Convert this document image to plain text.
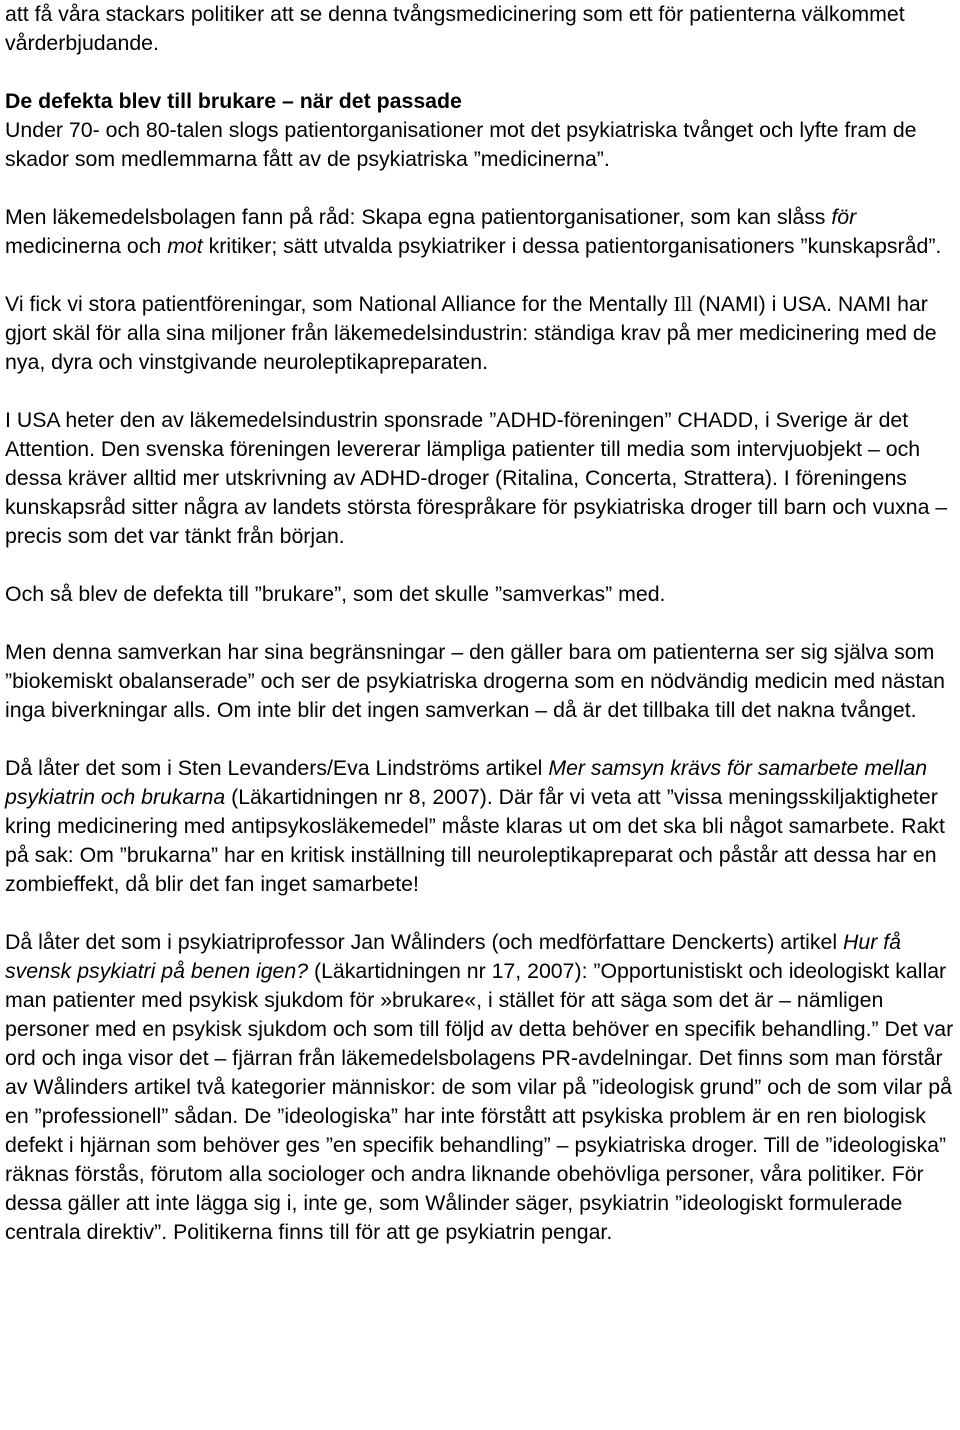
att få våra stackars politiker att se denna tvångsmedicinering som ett för patienterna välkommet vårderbjudande.

De defekta blev till brukare – när det passade

Under 70- och 80-talen slogs patientorganisationer mot det psykiatriska tvånget och lyfte fram de skador som medlemmarna fått av de psykiatriska ”medicinerna”.

Men läkemedelsbolagen fann på råd: Skapa egna patientorganisationer, som kan slåss för medicinerna och mot kritiker; sätt utvalda psykiatriker i dessa patientorganisationers ”kunskapsråd”.

Vi fick vi stora patientföreningar, som National Alliance for the Mentally Ill (NAMI) i USA. NAMI har gjort skäl för alla sina miljoner från läkemedelsindustrin: ständiga krav på mer medicinering med de nya, dyra och vinstgivande neuroleptikapreparaten.

I USA heter den av läkemedelsindustrin sponsrade ”ADHD-föreningen” CHADD, i Sverige är det Attention. Den svenska föreningen levererar lämpliga patienter till media som intervjuobjekt – och dessa kräver alltid mer utskrivning av ADHD-droger (Ritalina, Concerta, Strattera). I föreningens kunskapsråd sitter några av landets största förespråkare för psykiatriska droger till barn och vuxna – precis som det var tänkt från början.

Och så blev de defekta till ”brukare”, som det skulle ”samverkas” med.

Men denna samverkan har sina begränsningar – den gäller bara om patienterna ser sig själva som ”biokemiskt obalanserade” och ser de psykiatriska drogerna som en nödvändig medicin med nästan inga biverkningar alls. Om inte blir det ingen samverkan – då är det tillbaka till det nakna tvånget.

Då låter det som i Sten Levanders/Eva Lindströms artikel Mer samsyn krävs för samarbete mellan psykiatrin och brukarna (Läkartidningen nr 8, 2007). Där får vi veta att ”vissa meningsskiljaktigheter kring medicinering med antipsykosläkemedel” måste klaras ut om det ska bli något samarbete. Rakt på sak: Om ”brukarna” har en kritisk inställning till neuroleptikapreparat och påstår att dessa har en zombieffekt, då blir det fan inget samarbete!

Då låter det som i psykiatriprofessor Jan Wålinders (och medförfattare Denckerts) artikel Hur få svensk psykiatri på benen igen? (Läkartidningen nr 17, 2007): ”Opportunistiskt och ideologiskt kallar man patienter med psykisk sjukdom för »brukare«, i stället för att säga som det är – nämligen personer med en psykisk sjukdom och som till följd av detta behöver en specifik behandling.” Det var ord och inga visor det – fjärran från läkemedelsbolagens PR-avdelningar. Det finns som man förstår av Wålinders artikel två kategorier människor: de som vilar på ”ideologisk grund” och de som vilar på en ”professionell” sådan. De ”ideologiska” har inte förstått att psykiska problem är en ren biologisk defekt i hjärnan som behöver ges ”en specifik behandling” – psykiatriska droger. Till de ”ideologiska” räknas förstås, förutom alla sociologer och andra liknande obehövliga personer, våra politiker. För dessa gäller att inte lägga sig i, inte ge, som Wålinder säger, psykiatrin ”ideologiskt formulerade centrala direktiv”. Politikerna finns till för att ge psykiatrin pengar.
